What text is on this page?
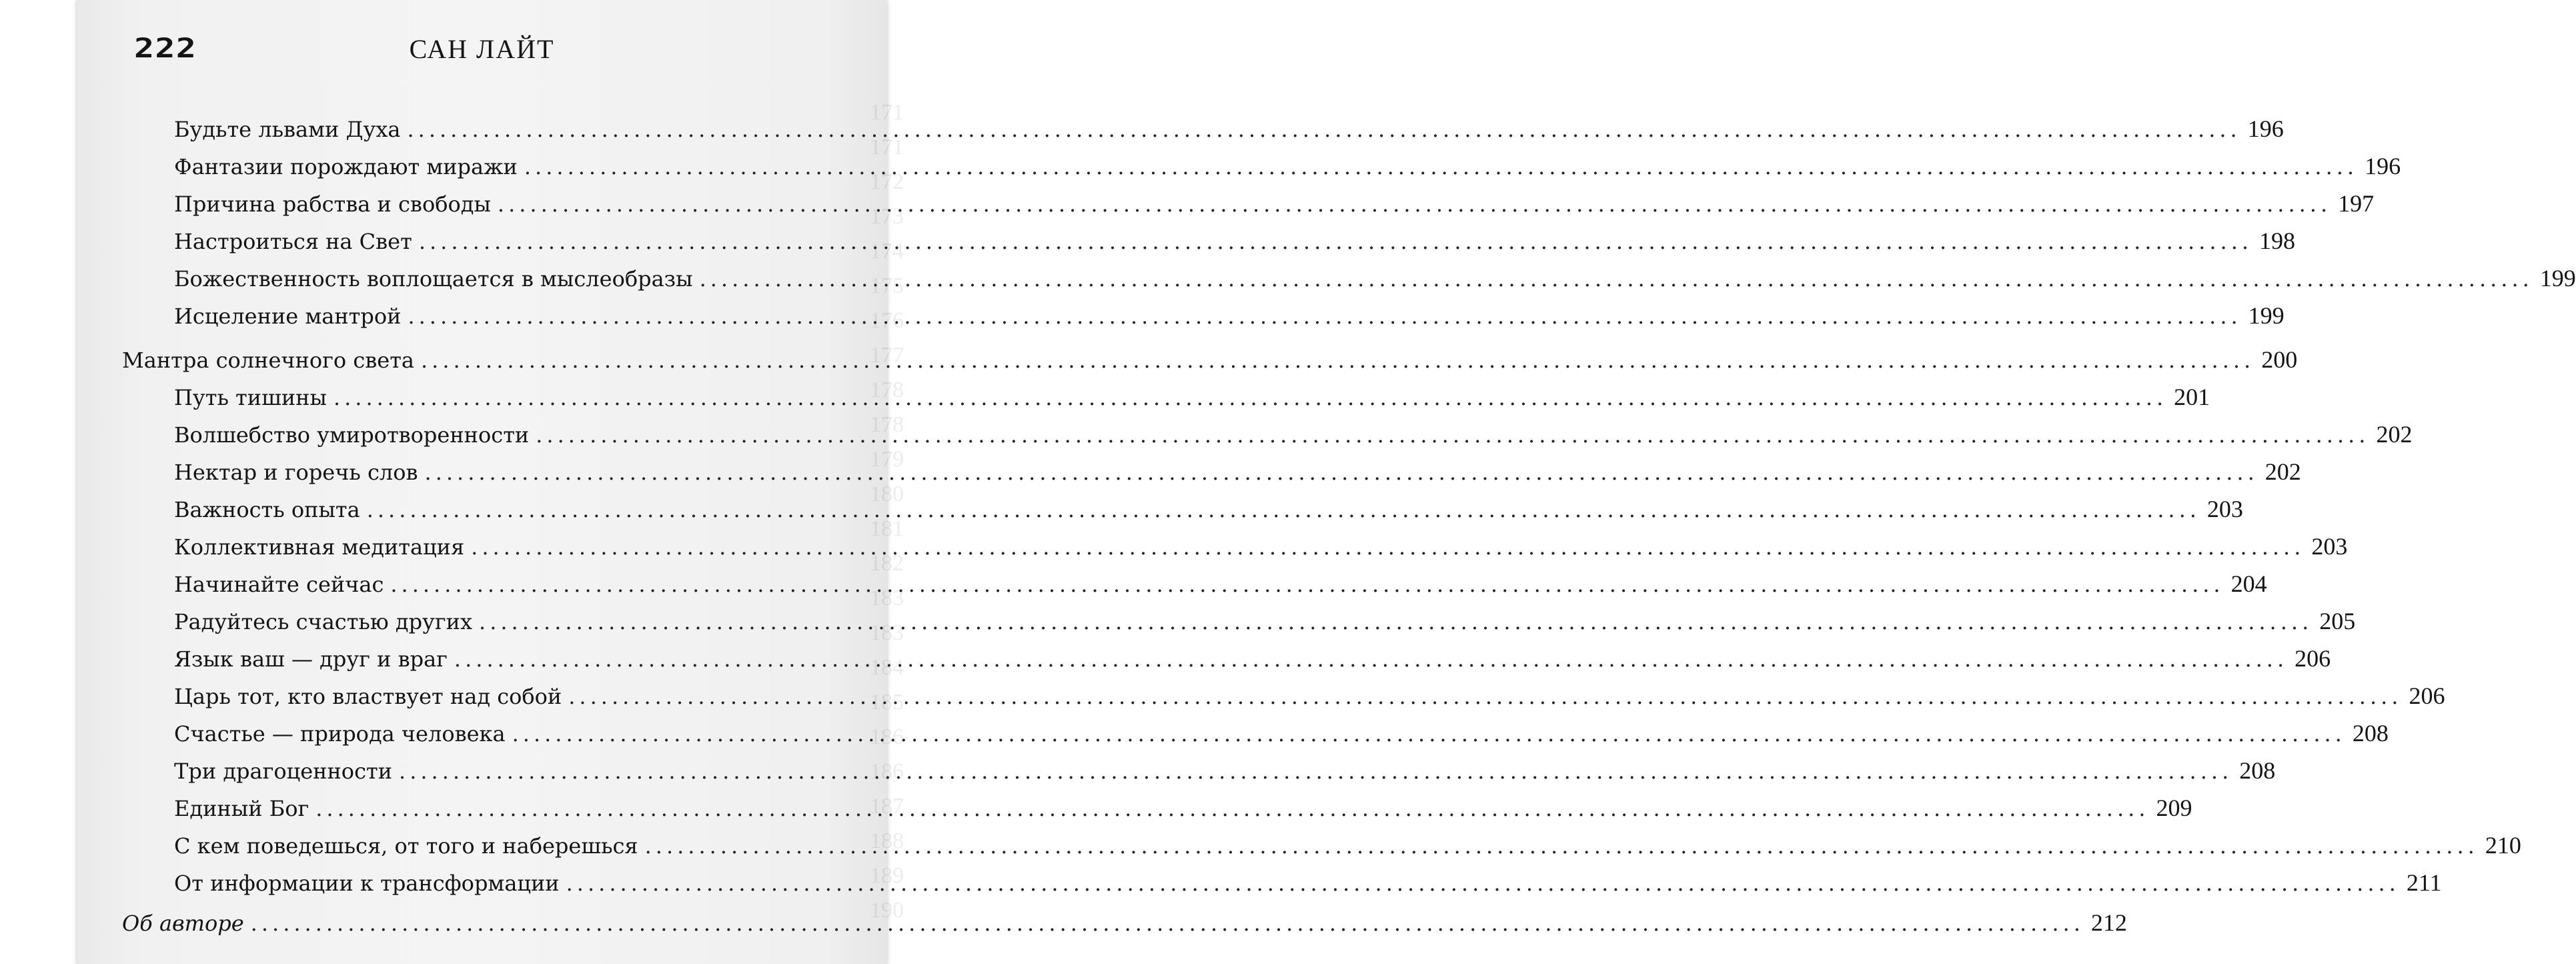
171
171
172
173
174
175
176
177
178
178
179
180
181
182
183
183
184
185
186
186
187
188
189
190
222	САН ЛАЙТ
Будьте львами Духа .....	196
Фантазии порождают миражи .....	196
Причина рабства и свободы .....	197
Настроиться на Свет .....	198
Божественность воплощается в мыслеобразы .....	199
Исцеление мантрой .....	199
Мантра солнечного света .....	200
Путь тишины .....	201
Волшебство умиротворенности .....	202
Нектар и горечь слов .....	202
Важность опыта .....	203
Коллективная медитация .....	203
Начинайте сейчас .....	204
Радуйтесь счастью других .....	205
Язык ваш — друг и враг .....	206
Царь тот, кто властвует над собой .....	206
Счастье — природа человека .....	208
Три драгоценности .....	208
Единый Бог .....	209
С кем поведешься, от того и наберешься .....	210
От информации к трансформации .....	211
Об авторе .....	212
